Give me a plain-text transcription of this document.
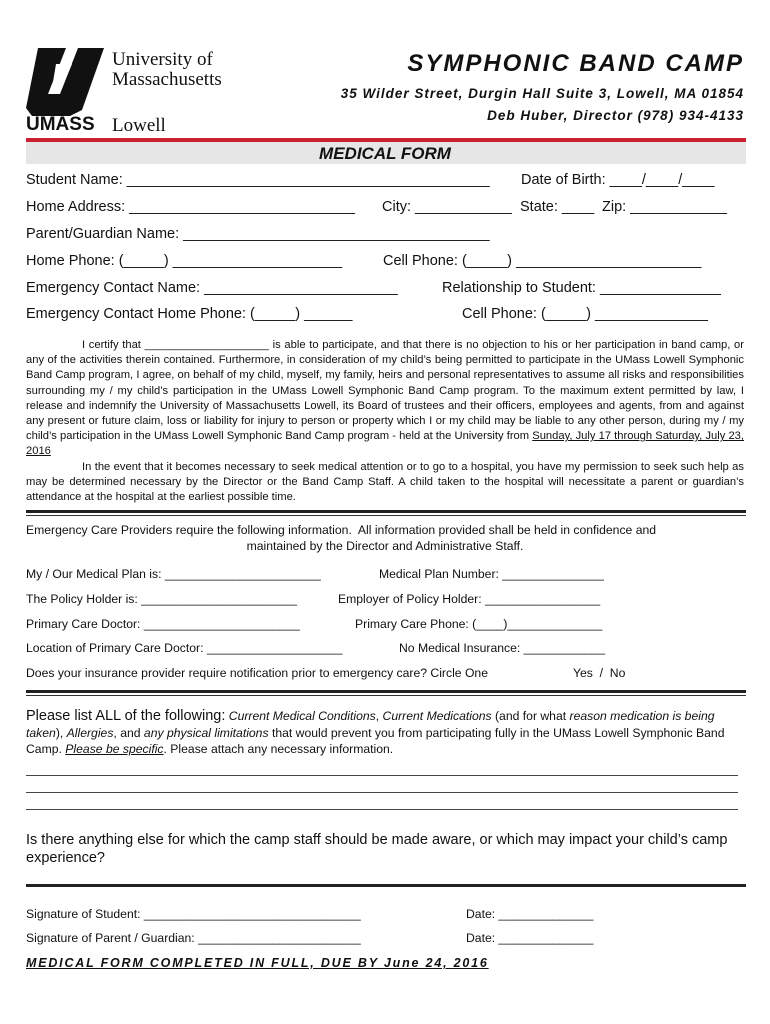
University of
Massachusetts
UMASS Lowell
SYMPHONIC BAND CAMP
35 Wilder Street, Durgin Hall Suite 3, Lowell, MA 01854
Deb Huber, Director (978) 934-4133
MEDICAL FORM
Student Name: _____________________________________________ Date of Birth: ____/____/____
Home Address: ____________________________ City: ____________ State: ____ Zip: ____________
Parent/Guardian Name: ______________________________________
Home Phone: (_____) _____________________	Cell Phone: (_____) _______________________
Emergency Contact Name: ________________________	Relationship to Student: _______________
Emergency Contact Home Phone: (_____) ______	Cell Phone: (_____) ______________
I certify that ____________________ is able to participate, and that there is no objection to his or her participation in band camp, or any of the activities therein contained. Furthermore, in consideration of my child’s being permitted to participate in the UMass Lowell Symphonic Band Camp program, I agree, on behalf of my child, myself, my family, heirs and personal representatives to assume all risks and responsibilities surrounding my / my child’s participation in the UMass Lowell Symphonic Band Camp program. To the maximum extent permitted by law, I release and indemnify the University of Massachusetts Lowell, its Board of trustees and their officers, employees and agents, from and against any present or future claim, loss or liability for injury to person or property which I or my child may be liable to any other person, during my / my child’s participation in the UMass Lowell Symphonic Band Camp program - held at the University from Sunday, July 17 through Saturday, July 23, 2016
In the event that it becomes necessary to seek medical attention or to go to a hospital, you have my permission to seek such help as may be determined necessary by the Director or the Band Camp Staff. A child taken to the hospital will necessitate a parent or guardian’s attendance at the hospital at the earliest possible time.
Emergency Care Providers require the following information.  All information provided shall be held in confidence and
maintained by the Director and Administrative Staff.
My / Our Medical Plan is: _______________________	Medical Plan Number: _______________
The Policy Holder is: _______________________	Employer of Policy Holder: _________________
Primary Care Doctor: _______________________	Primary Care Phone: (____)______________
Location of Primary Care Doctor: ____________________	No Medical Insurance: ____________
Does your insurance provider require notification prior to emergency care? Circle One	Yes  /  No
Please list ALL of the following: Current Medical Conditions, Current Medications (and for what reason medication is being taken), Allergies, and any physical limitations that would prevent you from participating fully in the UMass Lowell Symphonic Band Camp. Please be specific. Please attach any necessary information.
Is there anything else for which the camp staff should be made aware, or which may impact your child’s camp experience?
Signature of Student: ________________________________	Date: ______________
Signature of Parent / Guardian: ________________________	Date: ______________
MEDICAL FORM COMPLETED IN FULL, DUE BY June 24, 2016
